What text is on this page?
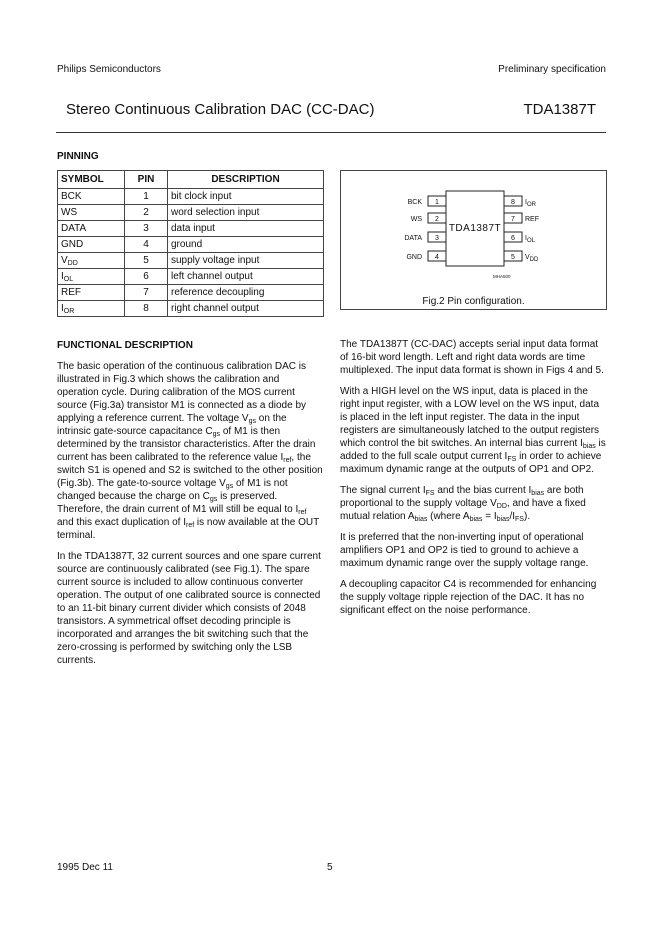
Philips Semiconductors	Preliminary specification
Stereo Continuous Calibration DAC (CC-DAC)	TDA1387T
PINNING
SYMBOL	PIN	DESCRIPTION
BCK	1	bit clock input
WS	2	word selection input
DATA	3	data input
GND	4	ground
$V_{DD}$	5	supply voltage input
$I_{OL}$	6	left channel output
REF	7	reference decoupling
$I_{OR}$	8	right channel output
TDA1387T
1
BCK
2
WS
3
DATA
4
GND
8 IOR
7 REF
6 IOL
5 VDD
MHA500
Fig.2 Pin configuration.
FUNCTIONAL DESCRIPTION

The basic operation of the continuous calibration DAC is illustrated in Fig.3 which shows the calibration and operation cycle. During calibration of the MOS current source (Fig.3a) transistor M1 is connected as a diode by applying a reference current. The voltage $V_{gs}$ on the intrinsic gate-source capacitance $C_{gs}$ of M1 is then determined by the transistor characteristics. After the drain current has been calibrated to the reference value $I_{ref}$, the switch S1 is opened and S2 is switched to the other position (Fig.3b). The gate-to-source voltage $V_{gs}$ of M1 is not changed because the charge on $C_{gs}$ is preserved. Therefore, the drain current of M1 will still be equal to $I_{ref}$ and this exact duplication of $I_{ref}$ is now available at the OUT terminal.

In the TDA1387T, 32 current sources and one spare current source are continuously calibrated (see Fig.1). The spare current source is included to allow continuous converter operation. The output of one calibrated source is connected to an 11-bit binary current divider which consists of 2048 transistors. A symmetrical offset decoding principle is incorporated and arranges the bit switching such that the zero-crossing is performed by switching only the LSB currents.

The TDA1387T (CC-DAC) accepts serial input data format of 16-bit word length. Left and right data words are time multiplexed. The input data format is shown in Figs 4 and 5.

With a HIGH level on the WS input, data is placed in the right input register, with a LOW level on the WS input, data is placed in the left input register. The data in the input registers are simultaneously latched to the output registers which control the bit switches. An internal bias current $I_{bias}$ is added to the full scale output current $I_{FS}$ in order to achieve maximum dynamic range at the outputs of OP1 and OP2.

The signal current $I_{FS}$ and the bias current $I_{bias}$ are both proportional to the supply voltage $V_{DD}$, and have a fixed mutual relation $A_{bias}$ (where $A_{bias} = I_{bias}/I_{FS}$).

It is preferred that the non-inverting input of operational amplifiers OP1 and OP2 is tied to ground to achieve a maximum dynamic range over the supply voltage range.

A decoupling capacitor C4 is recommended for enhancing the supply voltage ripple rejection of the DAC. It has no significant effect on the noise performance.

1995 Dec 11	5
